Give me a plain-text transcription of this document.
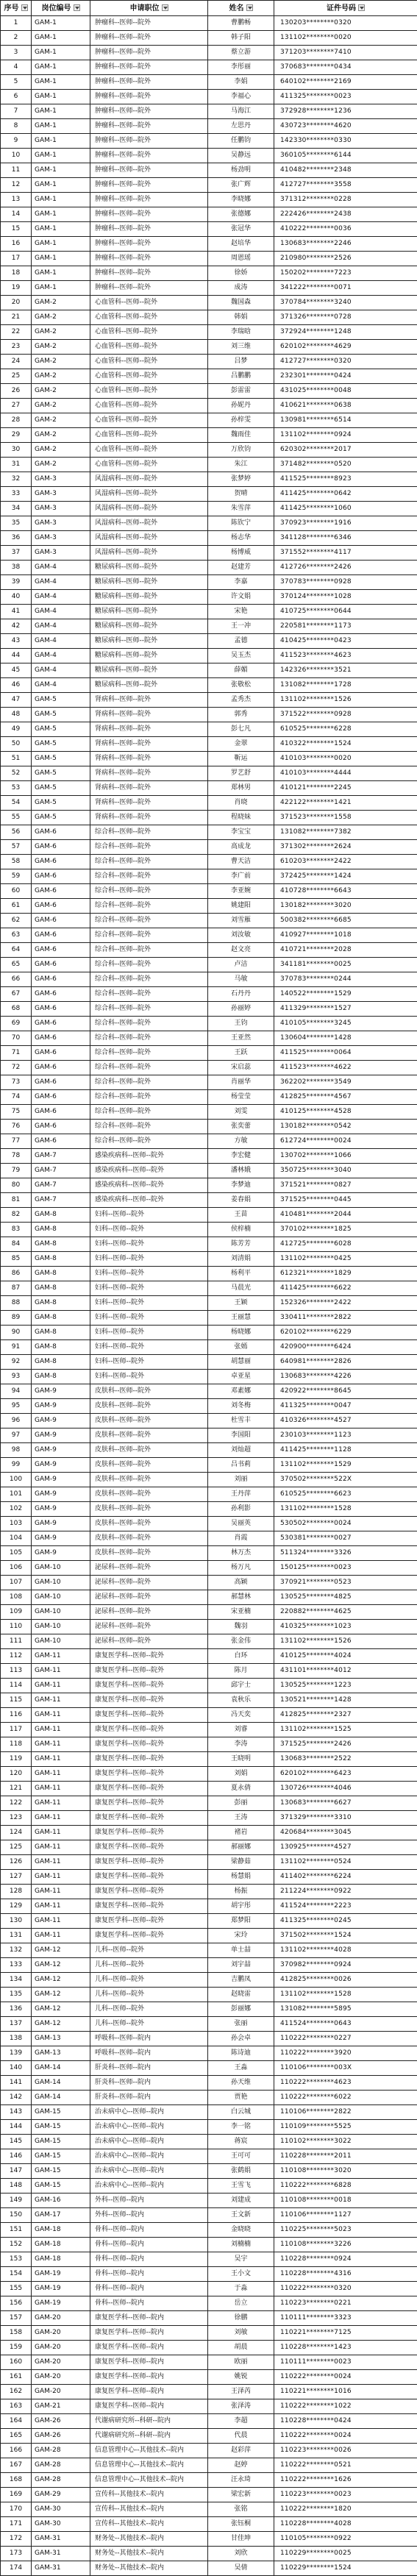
序号	岗位编号	申请职位	姓名	证件号码
1	GAM-1	肿瘤科--医师--院外	曹鹏畅	130203********0320
2	GAM-1	肿瘤科--医师--院外	韩子阳	131102********0020
3	GAM-1	肿瘤科--医师--院外	蔡立游	371203********7410
4	GAM-1	肿瘤科--医师--院外	李彤丽	370683********0434
5	GAM-1	肿瘤科--医师--院外	李娟	640102********2169
6	GAM-1	肿瘤科--医师--院外	李福心	411325********0023
7	GAM-1	肿瘤科--医师--院外	马海江	372928********1236
8	GAM-1	肿瘤科--医师--院外	左思丹	430723********4620
9	GAM-1	肿瘤科--医师--院外	任鹏钧	142330********0330
10	GAM-1	肿瘤科--医师--院外	吴静远	360105********6144
11	GAM-1	肿瘤科--医师--院外	杨劲明	410482********2348
12	GAM-1	肿瘤科--医师--院外	张广辉	412727********3558
13	GAM-1	肿瘤科--医师--院外	李晓娜	371312********0228
14	GAM-1	肿瘤科--医师--院外	张德娜	222426********2438
15	GAM-1	肿瘤科--医师--院外	张冠华	410222********0036
16	GAM-1	肿瘤科--医师--院外	赵培华	130683********2246
17	GAM-1	肿瘤科--医师--院外	周恩瑶	210980********2526
18	GAM-1	肿瘤科--医师--院外	徐娇	150202********7223
19	GAM-1	肿瘤科--医师--院外	成涛	341222********0071
20	GAM-2	心血管科--医师--院外	魏国森	370784********3240
21	GAM-2	心血管科--医师--院外	韩娟	371326********0728
22	GAM-2	心血管科--医师--院外	李瑞晗	372924********1248
23	GAM-2	心血管科--医师--院外	刘三维	620102********4629
24	GAM-2	心血管科--医师--院外	吕梦	412727********0320
25	GAM-2	心血管科--医师--院外	吕鹏鹏	232301********0424
26	GAM-2	心血管科--医师--院外	彭雷雷	431025********0048
27	GAM-2	心血管科--医师--院外	孙妮丹	410621********0638
28	GAM-2	心血管科--医师--院外	孙梓雯	130981********6514
29	GAM-2	心血管科--医师--院外	魏雨佳	131102********0924
30	GAM-2	心血管科--医师--院外	万欣钧	620302********2017
31	GAM-2	心血管科--医师--院外	朱江	371482********0520
32	GAM-3	风湿病科--医师--院外	张梦婷	411525********8923
33	GAM-3	风湿病科--医师--院外	贺晴	411425********0642
34	GAM-3	风湿病科--医师--院外	朱雪萍	411425********1060
35	GAM-3	风湿病科--医师--院外	陈钦宁	370923********1916
36	GAM-3	风湿病科--医师--院外	杨志华	341128********6346
37	GAM-3	风湿病科--医师--院外	杨博威	371552********4117
38	GAM-4	糖尿病科--医师--院外	赵建芳	412726********2426
39	GAM-4	糖尿病科--医师--院外	李嘉	370783********0928
40	GAM-4	糖尿病科--医师--院外	许文娟	370124********1028
41	GAM-4	糖尿病科--医师--院外	宋艳	410725********0644
42	GAM-4	糖尿病科--医师--院外	王一冲	220581********1173
43	GAM-4	糖尿病科--医师--院外	孟德	410425********0423
44	GAM-4	糖尿病科--医师--院外	吴玉杰	411523********4623
45	GAM-4	糖尿病科--医师--院外	薛媚	142326********3521
46	GAM-4	糖尿病科--医师--院外	张敬松	131082********1728
47	GAM-5	肾病科--医师--院外	孟秀杰	131102********1526
48	GAM-5	肾病科--医师--院外	郭秀	371522********0928
49	GAM-5	肾病科--医师--院外	彭七凡	610525********6228
50	GAM-5	肾病科--医师--院外	金翠	410322********1524
51	GAM-5	肾病科--医师--院外	靳运	410103********0020
52	GAM-5	肾病科--医师--院外	罗艺舒	410103********4444
53	GAM-5	肾病科--医师--院外	郑林男	410121********2245
54	GAM-5	肾病科--医师--院外	肖晓	422122********1421
55	GAM-5	肾病科--医师--院外	程晓妹	371523********1558
56	GAM-6	综合科--医师--院外	李宝宝	131082********7382
57	GAM-6	综合科--医师--院外	高成龙	371302********2624
58	GAM-6	综合科--医师--院外	曹天洁	610203********2422
59	GAM-6	综合科--医师--院外	李广前	372425********1424
60	GAM-6	综合科--医师--院外	李亚婉	410728********6643
61	GAM-6	综合科--医师--院外	姚建阳	130182********3020
62	GAM-6	综合科--医师--院外	刘雪雁	500382********6685
63	GAM-6	综合科--医师--院外	刘汝敏	410927********1018
64	GAM-6	综合科--医师--院外	赵文亮	410721********2028
65	GAM-6	综合科--医师--院外	卢洁	341181********0025
66	GAM-6	综合科--医师--院外	马敏	370783********0244
67	GAM-6	综合科--医师--院外	石丹丹	140522********1529
68	GAM-6	综合科--医师--院外	孙丽婷	411329********1527
69	GAM-6	综合科--医师--院外	王钧	410105********3245
70	GAM-6	综合科--医师--院外	王亚然	130604********1428
71	GAM-6	综合科--医师--院外	王跃	411525********0064
72	GAM-6	综合科--医师--院外	宋启蕊	411523********4622
73	GAM-6	综合科--医师--院外	肖丽华	362202********3549
74	GAM-6	综合科--医师--院外	杨莹莹	412825********4567
75	GAM-6	综合科--医师--院外	刘雯	410125********4528
76	GAM-6	综合科--医师--院外	张奕蕾	130182********0542
77	GAM-6	综合科--医师--院外	方敏	612724********0024
78	GAM-7	感染疾病科--医师--院外	李宏健	130702********1066
79	GAM-7	感染疾病科--医师--院外	潘林娥	350725********3040
80	GAM-7	感染疾病科--医师--院外	李梦迪	371521********0827
81	GAM-7	感染疾病科--医师--院外	姜春娟	371525********0445
82	GAM-8	妇科--医师--院外	王苗	410481********2044
83	GAM-8	妇科--医师--院外	侯梓楠	370102********1825
84	GAM-8	妇科--医师--院外	陈芳芳	412725********6028
85	GAM-8	妇科--医师--院外	刘清娟	131102********0425
86	GAM-8	妇科--医师--院外	杨利平	612321********1829
87	GAM-8	妇科--医师--院外	马晨光	411425********6622
88	GAM-8	妇科--医师--院外	王颖	152326********2422
89	GAM-8	妇科--医师--院外	王丽慧	330411********2822
90	GAM-8	妇科--医师--院外	杨晓娜	620102********6229
91	GAM-8	妇科--医师--院外	张嫣	420900********6424
92	GAM-8	妇科--医师--院外	胡慧丽	640981********2826
93	GAM-8	妇科--医师--院外	卓亚星	130683********4226
94	GAM-9	皮肤科--医师--院外	邓素娜	420922********8645
95	GAM-9	皮肤科--医师--院外	刘冬梅	411325********0047
96	GAM-9	皮肤科--医师--院外	杜雪丰	410326********4527
97	GAM-9	皮肤科--医师--院外	李国阳	230103********1123
98	GAM-9	皮肤科--医师--院外	刘灿超	411425********1128
99	GAM-9	皮肤科--医师--院外	吕书莉	131102********1529
100	GAM-9	皮肤科--医师--院外	刘丽	370502********522X
101	GAM-9	皮肤科--医师--院外	王丹萍	610525********6623
102	GAM-9	皮肤科--医师--院外	孙利影	131102********1528
103	GAM-9	皮肤科--医师--院外	吴丽英	530502********0024
104	GAM-9	皮肤科--医师--院外	肖霞	530381********0027
105	GAM-9	皮肤科--医师--院外	林万杰	511324********3326
106	GAM-10	泌尿科--医师--院外	杨万凡	150125********0023
107	GAM-10	泌尿科--医师--院外	高颖	370921********0523
108	GAM-10	泌尿科--医师--院外	郝慧林	130525********4825
109	GAM-10	泌尿科--医师--院外	宋亚楠	220882********4625
110	GAM-10	泌尿科--医师--院外	魏羽	410325********1023
111	GAM-10	泌尿科--医师--院外	张金伟	131102********1526
112	GAM-11	康复医学科--医师--院外	白环	410125********4024
113	GAM-11	康复医学科--医师--院外	陈月	431101********4012
114	GAM-11	康复医学科--医师--院外	邱宇士	130525********1223
115	GAM-11	康复医学科--医师--院外	袁秋乐	130521********1428
116	GAM-11	康复医学科--医师--院外	冯天奕	412825********2327
117	GAM-11	康复医学科--医师--院外	刘睿	131102********1525
118	GAM-11	康复医学科--医师--院外	李涛	371525********2426
119	GAM-11	康复医学科--医师--院外	王晓明	130683********2522
120	GAM-11	康复医学科--医师--院外	刘娟	620102********6423
121	GAM-11	康复医学科--医师--院外	夏永倩	130726********4046
122	GAM-11	康复医学科--医师--院外	彭丽	130683********6627
123	GAM-11	康复医学科--医师--院外	王涛	371329********3310
124	GAM-11	康复医学科--医师--院外	褚岩	420684********3045
125	GAM-11	康复医学科--医师--院外	郝丽娜	130925********4527
126	GAM-11	康复医学科--医师--院外	梁静茹	131102********0524
127	GAM-11	康复医学科--医师--院外	杨慧娟	411402********6224
128	GAM-11	康复医学科--医师--院外	杨振	211224********0922
129	GAM-11	康复医学科--医师--院外	胡宇彤	411524********2223
130	GAM-11	康复医学科--医师--院外	郑梦阳	411325********0245
131	GAM-11	康复医学科--医师--院外	宋玲	371502********1524
132	GAM-12	儿科--医师--院外	单士喆	131102********4028
133	GAM-12	儿科--医师--院外	刘宇喆	370982********0924
134	GAM-12	儿科--医师--院外	吉鹏凤	412825********0026
135	GAM-12	儿科--医师--院外	赵晓雷	131102********1528
136	GAM-12	儿科--医师--院外	彭丽娜	131082********5895
137	GAM-12	儿科--医师--院外	张丽	411524********0643
138	GAM-13	呼吸科--医师--院内	孙会卓	110222********0227
139	GAM-13	呼吸科--医师--院内	陈诗迪	110222********3920
140	GAM-14	肝炎科--医师--院内	王淼	110106********003X
141	GAM-14	肝炎科--医师--院内	孙天维	110222********4623
142	GAM-14	肝炎科--医师--院内	贾艳	110222********6022
143	GAM-15	治未病中心--医师--院内	白云城	110106********2822
144	GAM-15	治未病中心--医师--院内	李一铭	110109********5525
145	GAM-15	治未病中心--医师--院内	蒋宸	110102********3022
146	GAM-15	治未病中心--医师--院内	王可可	110228********2011
147	GAM-15	治未病中心--医师--院内	张鹤娟	110108********3020
148	GAM-15	治未病中心--医师--院内	王雪飞	110222********6828
149	GAM-16	外科--医师--院内	刘建成	110108********0018
150	GAM-17	外科--医师--院内	王文新	110106********1127
151	GAM-18	骨科--医师--院内	金晓晓	110225********5023
152	GAM-18	骨科--医师--院内	刘楠楠	110108********3226
153	GAM-18	骨科--医师--院内	吴宇	110228********0924
154	GAM-19	骨科--医师--院内	王小文	110228********4316
155	GAM-19	骨科--医师--院内	于淼	110222********0320
156	GAM-19	骨科--医师--院内	岳立	110223********0221
157	GAM-20	康复医学科--医师--院内	徐鹏	110111********3323
158	GAM-20	康复医学科--医师--院内	刘敏	110221********7125
159	GAM-20	康复医学科--医师--院内	胡晨	110228********1423
160	GAM-20	康复医学科--医师--院内	欧丽	110111********0023
161	GAM-20	康复医学科--医师--院内	姚锐	110222********0024
162	GAM-20	康复医学科--医师--院内	王泽芮	110221********1016
163	GAM-21	康复医学科--医师--院内	张泽涛	110222********1022
164	GAM-26	代谢病研究所--科研--院内	李超	110228********0424
165	GAM-26	代谢病研究所--科研--院内	代晨	110222********0024
166	GAM-28	信息管理中心--其他技术--院内	赵彩萍	110223********0026
167	GAM-28	信息管理中心--其他技术--院内	赵婷	110222********0521
168	GAM-28	信息管理中心--其他技术--院内	汪永琦	110222********1626
169	GAM-29	宣传科--其他技术--院内	梁宏新	110223********0023
170	GAM-30	宣传科--其他技术--院内	张铭	110222********1820
171	GAM-30	宣传科--其他技术--院内	张钰桐	110228********4028
172	GAM-31	财务处--其他技术--院内	甘佳坤	110105********0922
173	GAM-31	财务处--其他技术--院内	刘欣	110229********0025
174	GAM-31	财务处--其他技术--院内	吴倩	110229********1524
